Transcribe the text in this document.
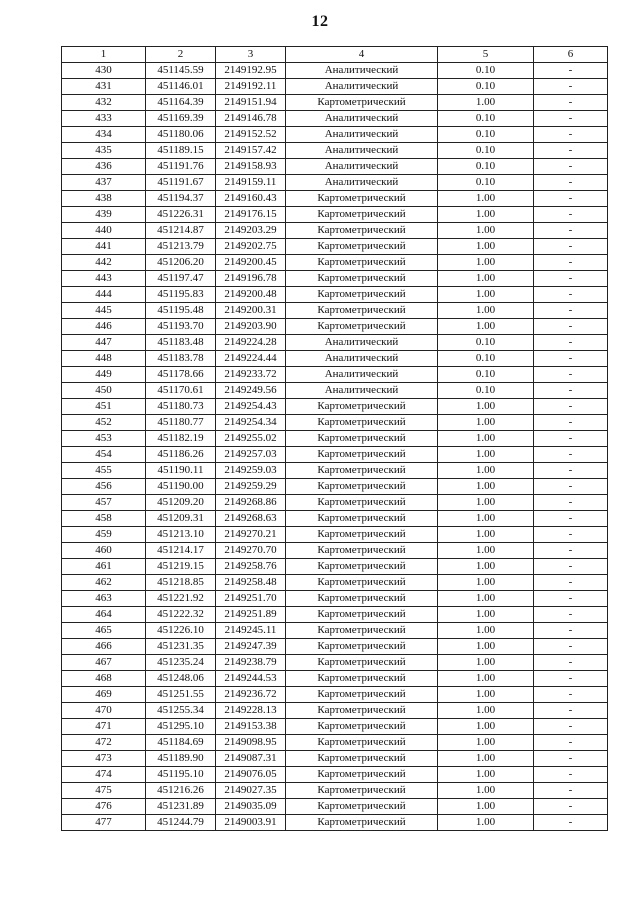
12
1	2	3	4	5	6
430	451145.59	2149192.95	Аналитический	0.10	-
431	451146.01	2149192.11	Аналитический	0.10	-
432	451164.39	2149151.94	Картометрический	1.00	-
433	451169.39	2149146.78	Аналитический	0.10	-
434	451180.06	2149152.52	Аналитический	0.10	-
435	451189.15	2149157.42	Аналитический	0.10	-
436	451191.76	2149158.93	Аналитический	0.10	-
437	451191.67	2149159.11	Аналитический	0.10	-
438	451194.37	2149160.43	Картометрический	1.00	-
439	451226.31	2149176.15	Картометрический	1.00	-
440	451214.87	2149203.29	Картометрический	1.00	-
441	451213.79	2149202.75	Картометрический	1.00	-
442	451206.20	2149200.45	Картометрический	1.00	-
443	451197.47	2149196.78	Картометрический	1.00	-
444	451195.83	2149200.48	Картометрический	1.00	-
445	451195.48	2149200.31	Картометрический	1.00	-
446	451193.70	2149203.90	Картометрический	1.00	-
447	451183.48	2149224.28	Аналитический	0.10	-
448	451183.78	2149224.44	Аналитический	0.10	-
449	451178.66	2149233.72	Аналитический	0.10	-
450	451170.61	2149249.56	Аналитический	0.10	-
451	451180.73	2149254.43	Картометрический	1.00	-
452	451180.77	2149254.34	Картометрический	1.00	-
453	451182.19	2149255.02	Картометрический	1.00	-
454	451186.26	2149257.03	Картометрический	1.00	-
455	451190.11	2149259.03	Картометрический	1.00	-
456	451190.00	2149259.29	Картометрический	1.00	-
457	451209.20	2149268.86	Картометрический	1.00	-
458	451209.31	2149268.63	Картометрический	1.00	-
459	451213.10	2149270.21	Картометрический	1.00	-
460	451214.17	2149270.70	Картометрический	1.00	-
461	451219.15	2149258.76	Картометрический	1.00	-
462	451218.85	2149258.48	Картометрический	1.00	-
463	451221.92	2149251.70	Картометрический	1.00	-
464	451222.32	2149251.89	Картометрический	1.00	-
465	451226.10	2149245.11	Картометрический	1.00	-
466	451231.35	2149247.39	Картометрический	1.00	-
467	451235.24	2149238.79	Картометрический	1.00	-
468	451248.06	2149244.53	Картометрический	1.00	-
469	451251.55	2149236.72	Картометрический	1.00	-
470	451255.34	2149228.13	Картометрический	1.00	-
471	451295.10	2149153.38	Картометрический	1.00	-
472	451184.69	2149098.95	Картометрический	1.00	-
473	451189.90	2149087.31	Картометрический	1.00	-
474	451195.10	2149076.05	Картометрический	1.00	-
475	451216.26	2149027.35	Картометрический	1.00	-
476	451231.89	2149035.09	Картометрический	1.00	-
477	451244.79	2149003.91	Картометрический	1.00	-
